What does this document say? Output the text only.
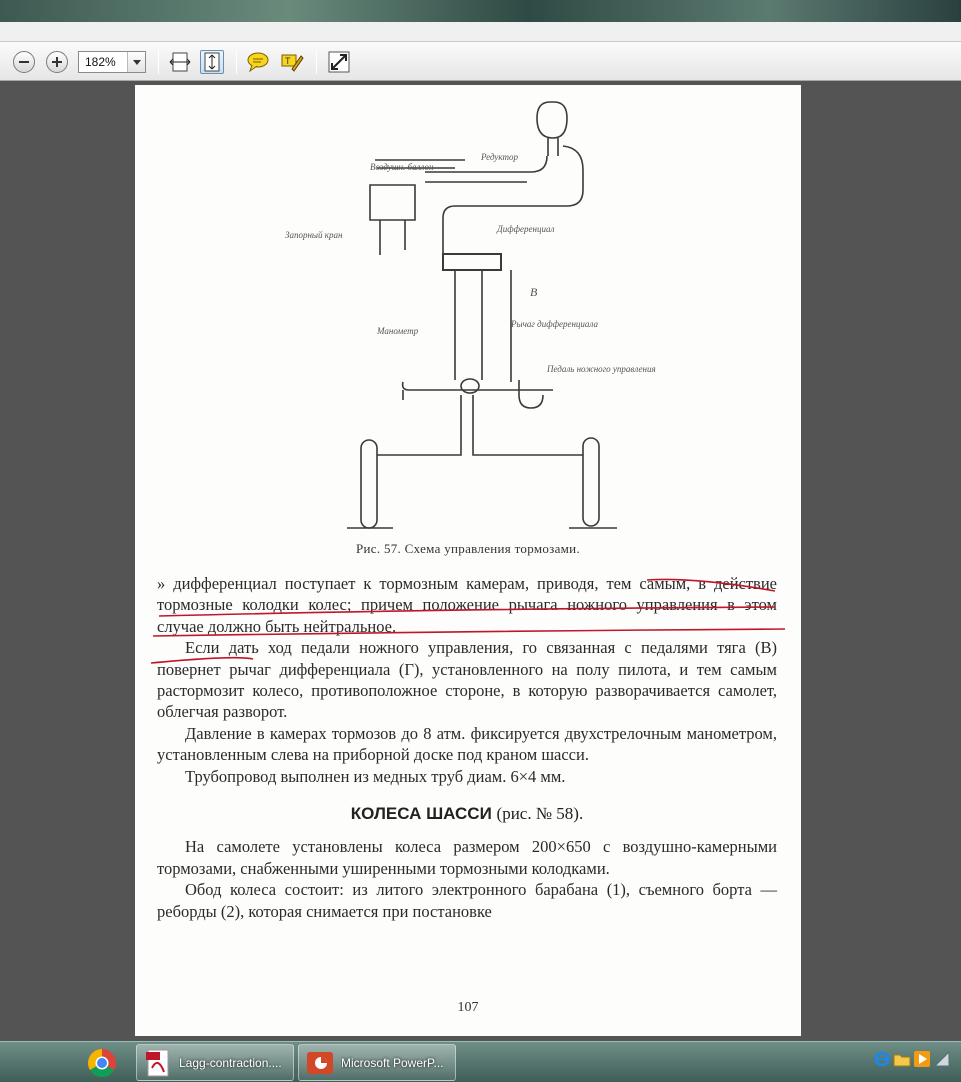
182%	T
Редуктор
Воздушн. баллон
Запорный кран
Дифференциал
В
Манометр
Рычаг дифференциала
Педаль ножного управления
Рис. 57. Схема управления тормозами.

» дифференциал поступает к тормозным камерам, приводя, тем самым, в действие тормозные колодки колес; причем положение рычага ножного управления в этом случае должно быть нейтральное.

Если дать ход педали ножного управления, го связанная с педалями тяга (В) повернет рычаг дифференциала (Г), установленного на полу пилота, и тем самым растормозит колесо, противоположное стороне, в которую разворачивается самолет, облегчая разворот.

Давление в камерах тормозов до 8 атм. фиксируется двухстрелочным манометром, установленным слева на приборной доске под краном шасси.

Трубопровод выполнен из медных труб диам. 6×4 мм.

КОЛЕСА ШАССИ (рис. № 58).

На самолете установлены колеса размером 200×650 с воздушно-камерными тормозами, снабженными уширенными тормозными колодками.

Обод колеса состоит: из литого электронного барабана (1), съемного борта — реборды (2), которая снимается при постановке

107
Lagg-contraction....	Microsoft PowerP...
